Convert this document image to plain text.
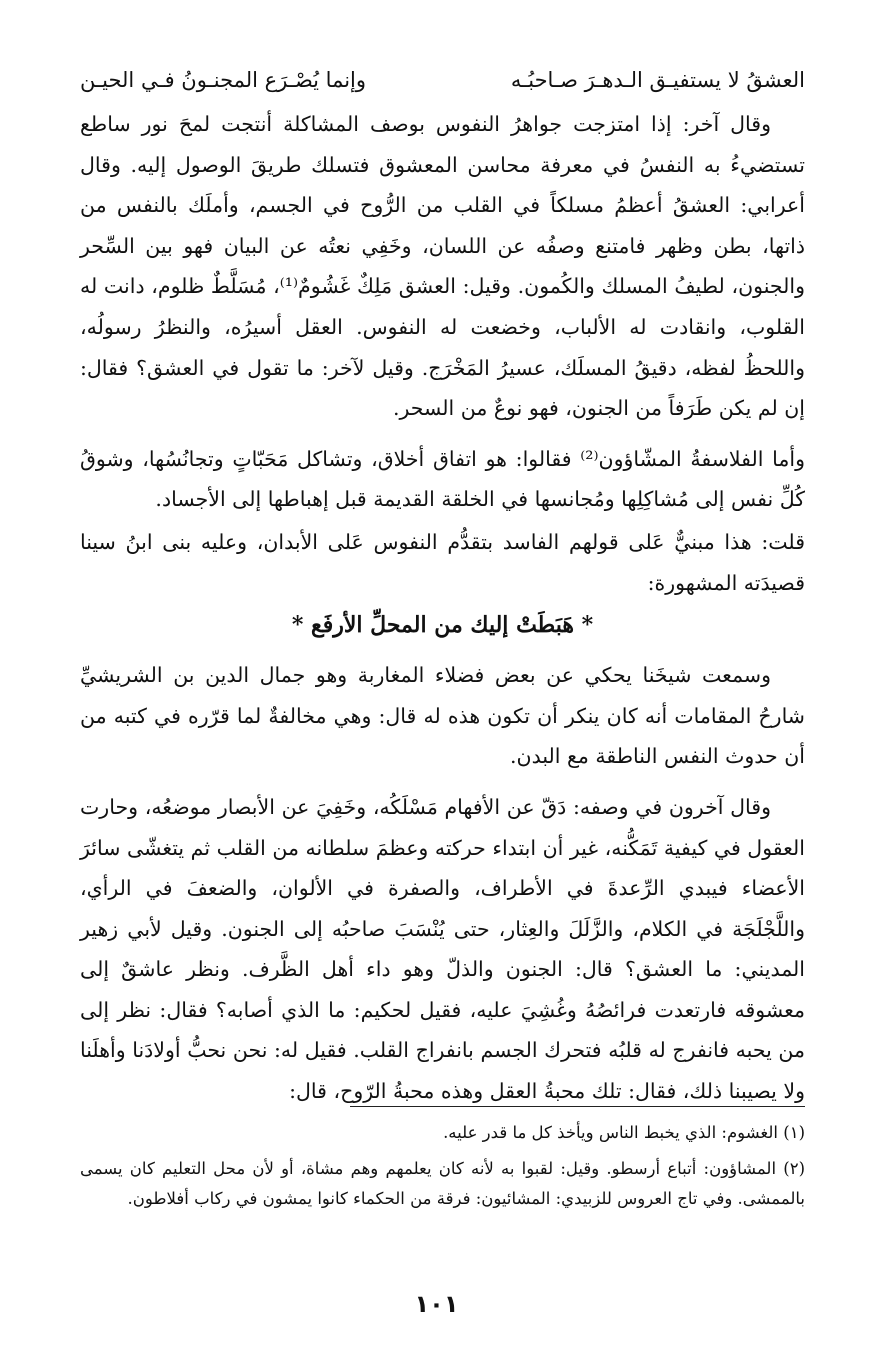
العشقُ لا يستفيـق الـدهـرَ صـاحبُـه
وإنما يُصْـرَع المجنـونُ فـي الحيـن

وقال آخر: إذا امتزجت جواهرُ النفوس بوصف المشاكلة أنتجت لمحَ نور ساطع تستضيءُ به النفسُ في معرفة محاسن المعشوق فتسلك طريقَ الوصول إليه. وقال أعرابي: العشقُ أعظمُ مسلكاً في القلب من الرُّوح في الجسم، وأملَك بالنفس من ذاتها، بطن وظهر فامتنع وصفُه عن اللسان، وخَفِي نعتُه عن البيان فهو بين السِّحر والجنون، لطيفُ المسلك والكُمون. وقيل: العشق مَلِكٌ غَشُومٌ⁽¹⁾، مُسَلَّطٌ ظلوم، دانت له القلوب، وانقادت له الألباب، وخضعت له النفوس. العقل أسيرُه، والنظرُ رسولُه، واللحظُ لفظه، دقيقُ المسلَك، عسيرُ المَخْرَج. وقيل لآخر: ما تقول في العشق؟ فقال: إن لم يكن طَرَفاً من الجنون، فهو نوعٌ من السحر.

وأما الفلاسفةُ المشّاؤون⁽²⁾ فقالوا: هو اتفاق أخلاق، وتشاكل مَحَبّاتٍ وتجانُسُها، وشوقُ كُلِّ نفس إلى مُشاكِلِها ومُجانسها في الخلقة القديمة قبل إهباطها إلى الأجساد.

قلت: هذا مبنيٌّ عَلى قولهم الفاسد بتقدُّم النفوس عَلى الأبدان، وعليه بنى ابنُ سينا قصيدَته المشهورة:

* هَبَطَتْ إليك من المحلِّ الأرفَع *

وسمعت شيخَنا يحكي عن بعض فضلاء المغاربة وهو جمال الدين بن الشريشيِّ شارحُ المقامات أنه كان ينكر أن تكون هذه له قال: وهي مخالفةٌ لما قرّره في كتبه من أن حدوث النفس الناطقة مع البدن.

وقال آخرون في وصفه: دَقّ عن الأفهام مَسْلَكُه، وخَفِيَ عن الأبصار موضعُه، وحارت العقول في كيفية تَمَكُّنه، غير أن ابتداء حركته وعظمَ سلطانه من القلب ثم يتغشّى سائرَ الأعضاء فيبدي الرِّعدةَ في الأطراف، والصفرة في الألوان، والضعفَ في الرأي، واللَّجْلَجَة في الكلام، والزَّلَلَ والعِثار، حتى يُنْسَبَ صاحبُه إلى الجنون. وقيل لأبي زهير المديني: ما العشق؟ قال: الجنون والذلّ وهو داء أهل الظَّرف. ونظر عاشقٌ إلى معشوقه فارتعدت فرائصُهُ وغُشِيَ عليه، فقيل لحكيم: ما الذي أصابه؟ فقال: نظر إلى من يحبه فانفرج له قلبُه فتحرك الجسم بانفراج القلب. فقيل له: نحن نحبُّ أولادَنا وأهلَنا ولا يصيبنا ذلك، فقال: تلك محبةُ العقل وهذه محبةُ الرّوح، قال:

(١) الغشوم: الذي يخبط الناس ويأخذ كل ما قدر عليه.

(٢) المشاؤون: أتباع أرسطو. وقيل: لقبوا به لأنه كان يعلمهم وهم مشاة، أو لأن محل التعليم كان يسمى بالممشى. وفي تاج العروس للزبيدي: المشائيون: فرقة من الحكماء كانوا يمشون في ركاب أفلاطون.

١٠١
